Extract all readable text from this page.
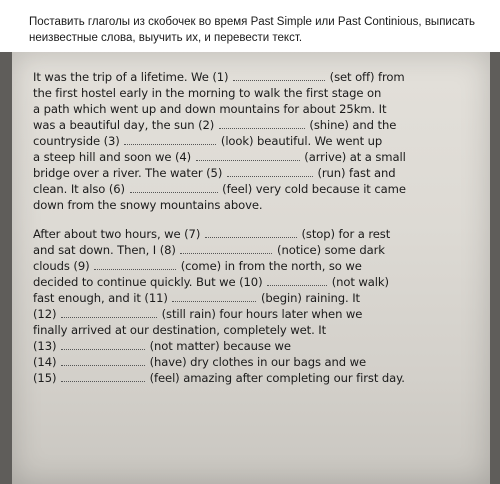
Поставить глаголы из скобочек во время Past Simple или Past Continious, выписать
неизвестные слова, выучить их, и перевести текст.
It was the trip of a lifetime. We (1)	(set off) from
the first hostel early in the morning to walk the first stage on
a path which went up and down mountains for about 25km. It
was a beautiful day, the sun (2)	(shine) and the
countryside (3)	(look) beautiful. We went up
a steep hill and soon we (4)	(arrive) at a small
bridge over a river. The water (5)	(run) fast and
clean. It also (6)	(feel) very cold because it came
down from the snowy mountains above.
After about two hours, we (7)	(stop) for a rest
and sat down. Then, I (8)	(notice) some dark
clouds (9)	(come) in from the north, so we
decided to continue quickly. But we (10)	(not walk)
fast enough, and it (11)	(begin) raining. It
(12)	(still rain) four hours later when we
finally arrived at our destination, completely wet. It
(13)	(not matter) because we
(14)	(have) dry clothes in our bags and we
(15)	(feel) amazing after completing our first day.
